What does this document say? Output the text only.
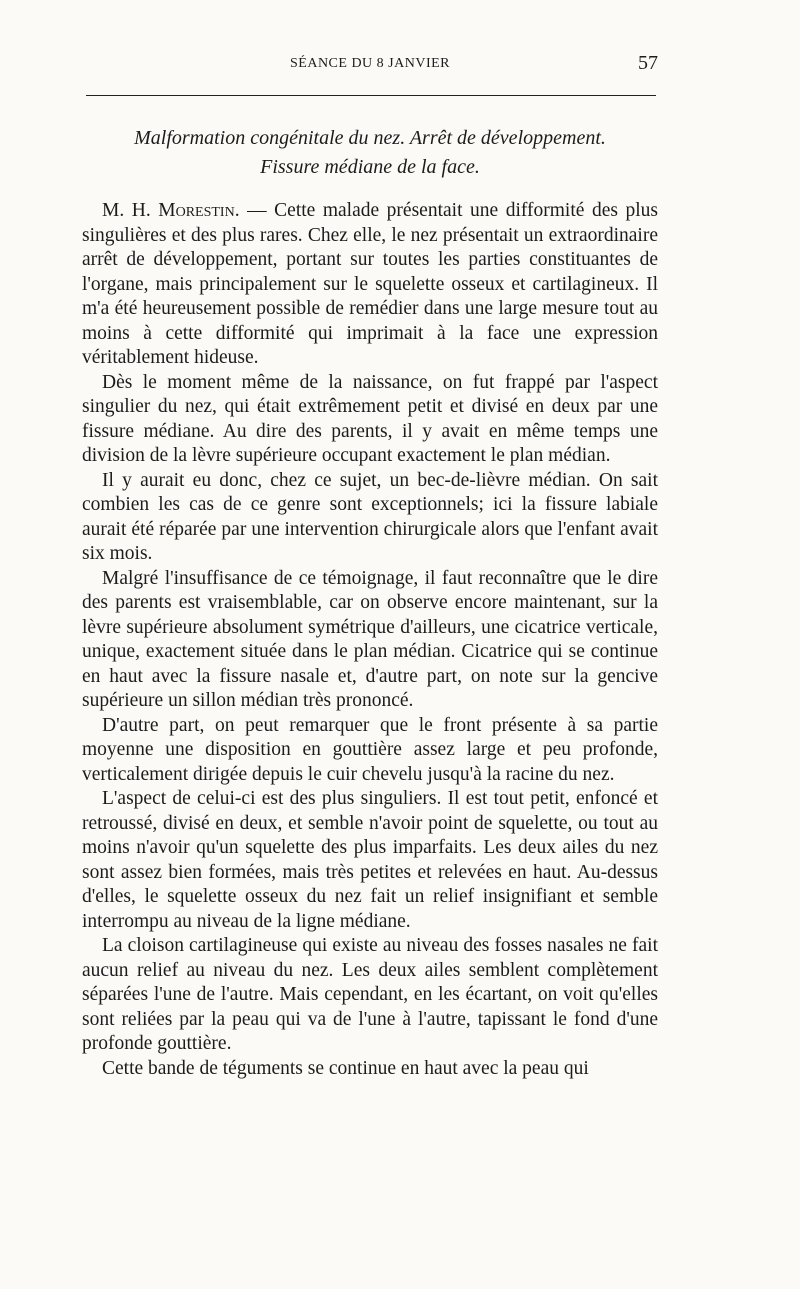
SÉANCE DU 8 JANVIER	57
Malformation congénitale du nez. Arrêt de développement.
Fissure médiane de la face.

M. H. Morestin. — Cette malade présentait une difformité des plus singulières et des plus rares. Chez elle, le nez présentait un extraordinaire arrêt de développement, portant sur toutes les parties constituantes de l'organe, mais principalement sur le squelette osseux et cartilagineux. Il m'a été heureusement possible de remédier dans une large mesure tout au moins à cette difformité qui imprimait à la face une expression véritablement hideuse.

Dès le moment même de la naissance, on fut frappé par l'aspect singulier du nez, qui était extrêmement petit et divisé en deux par une fissure médiane. Au dire des parents, il y avait en même temps une division de la lèvre supérieure occupant exactement le plan médian.

Il y aurait eu donc, chez ce sujet, un bec-de-lièvre médian. On sait combien les cas de ce genre sont exceptionnels; ici la fissure labiale aurait été réparée par une intervention chirurgicale alors que l'enfant avait six mois.

Malgré l'insuffisance de ce témoignage, il faut reconnaître que le dire des parents est vraisemblable, car on observe encore maintenant, sur la lèvre supérieure absolument symétrique d'ailleurs, une cicatrice verticale, unique, exactement située dans le plan médian. Cicatrice qui se continue en haut avec la fissure nasale et, d'autre part, on note sur la gencive supérieure un sillon médian très prononcé.

D'autre part, on peut remarquer que le front présente à sa partie moyenne une disposition en gouttière assez large et peu profonde, verticalement dirigée depuis le cuir chevelu jusqu'à la racine du nez.

L'aspect de celui-ci est des plus singuliers. Il est tout petit, enfoncé et retroussé, divisé en deux, et semble n'avoir point de squelette, ou tout au moins n'avoir qu'un squelette des plus imparfaits. Les deux ailes du nez sont assez bien formées, mais très petites et relevées en haut. Au-dessus d'elles, le squelette osseux du nez fait un relief insignifiant et semble interrompu au niveau de la ligne médiane.

La cloison cartilagineuse qui existe au niveau des fosses nasales ne fait aucun relief au niveau du nez. Les deux ailes semblent complètement séparées l'une de l'autre. Mais cependant, en les écartant, on voit qu'elles sont reliées par la peau qui va de l'une à l'autre, tapissant le fond d'une profonde gouttière.

Cette bande de téguments se continue en haut avec la peau qui
